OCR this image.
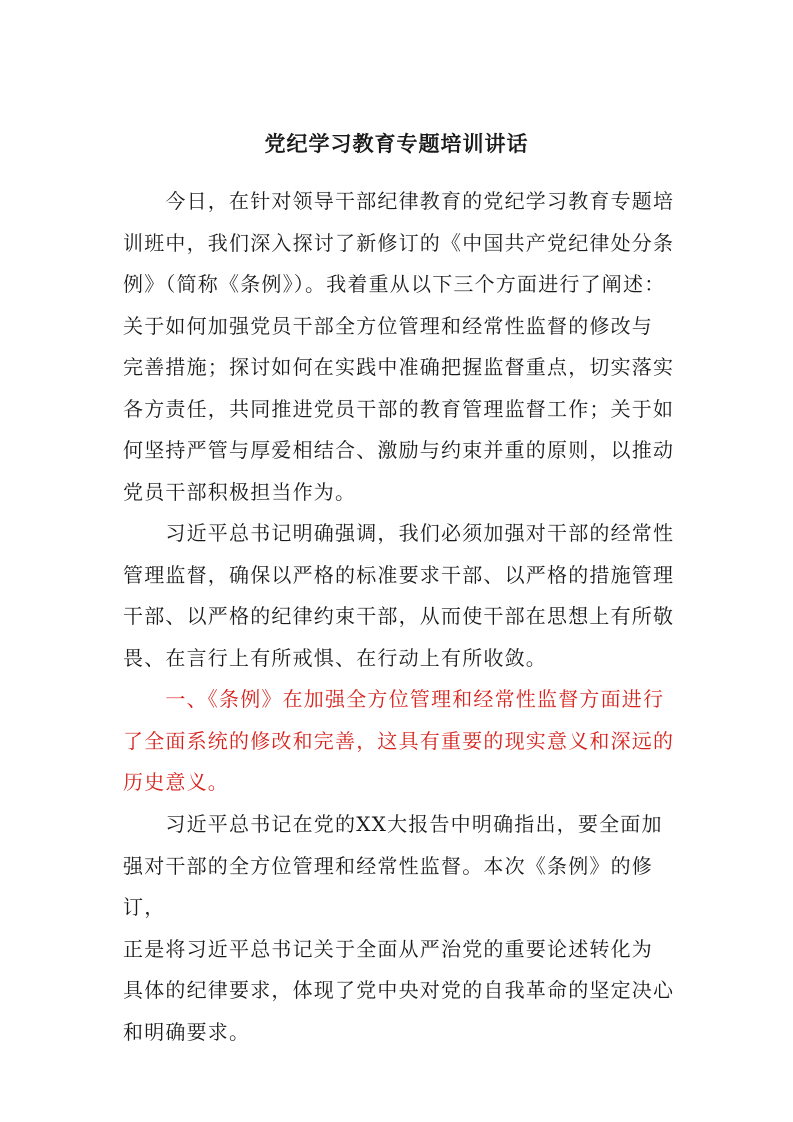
党纪学习教育专题培训讲话
　　今日，在针对领导干部纪律教育的党纪学习教育专题培
训班中，我们深入探讨了新修订的《中国共产党纪律处分条
例》（简称《条例》）。我着重从以下三个方面进行了阐述：
关于如何加强党员干部全方位管理和经常性监督的修改与
完善措施；探讨如何在实践中准确把握监督重点，切实落实
各方责任，共同推进党员干部的教育管理监督工作；关于如
何坚持严管与厚爱相结合、激励与约束并重的原则，以推动
党员干部积极担当作为。
　　习近平总书记明确强调，我们必须加强对干部的经常性
管理监督，确保以严格的标准要求干部、以严格的措施管理
干部、以严格的纪律约束干部，从而使干部在思想上有所敬
畏、在言行上有所戒惧、在行动上有所收敛。
　　一、《条例》在加强全方位管理和经常性监督方面进行
了全面系统的修改和完善，这具有重要的现实意义和深远的
历史意义。
　　习近平总书记在党的XX大报告中明确指出，要全面加
强对干部的全方位管理和经常性监督。本次《条例》的修订，
正是将习近平总书记关于全面从严治党的重要论述转化为
具体的纪律要求，体现了党中央对党的自我革命的坚定决心
和明确要求。
